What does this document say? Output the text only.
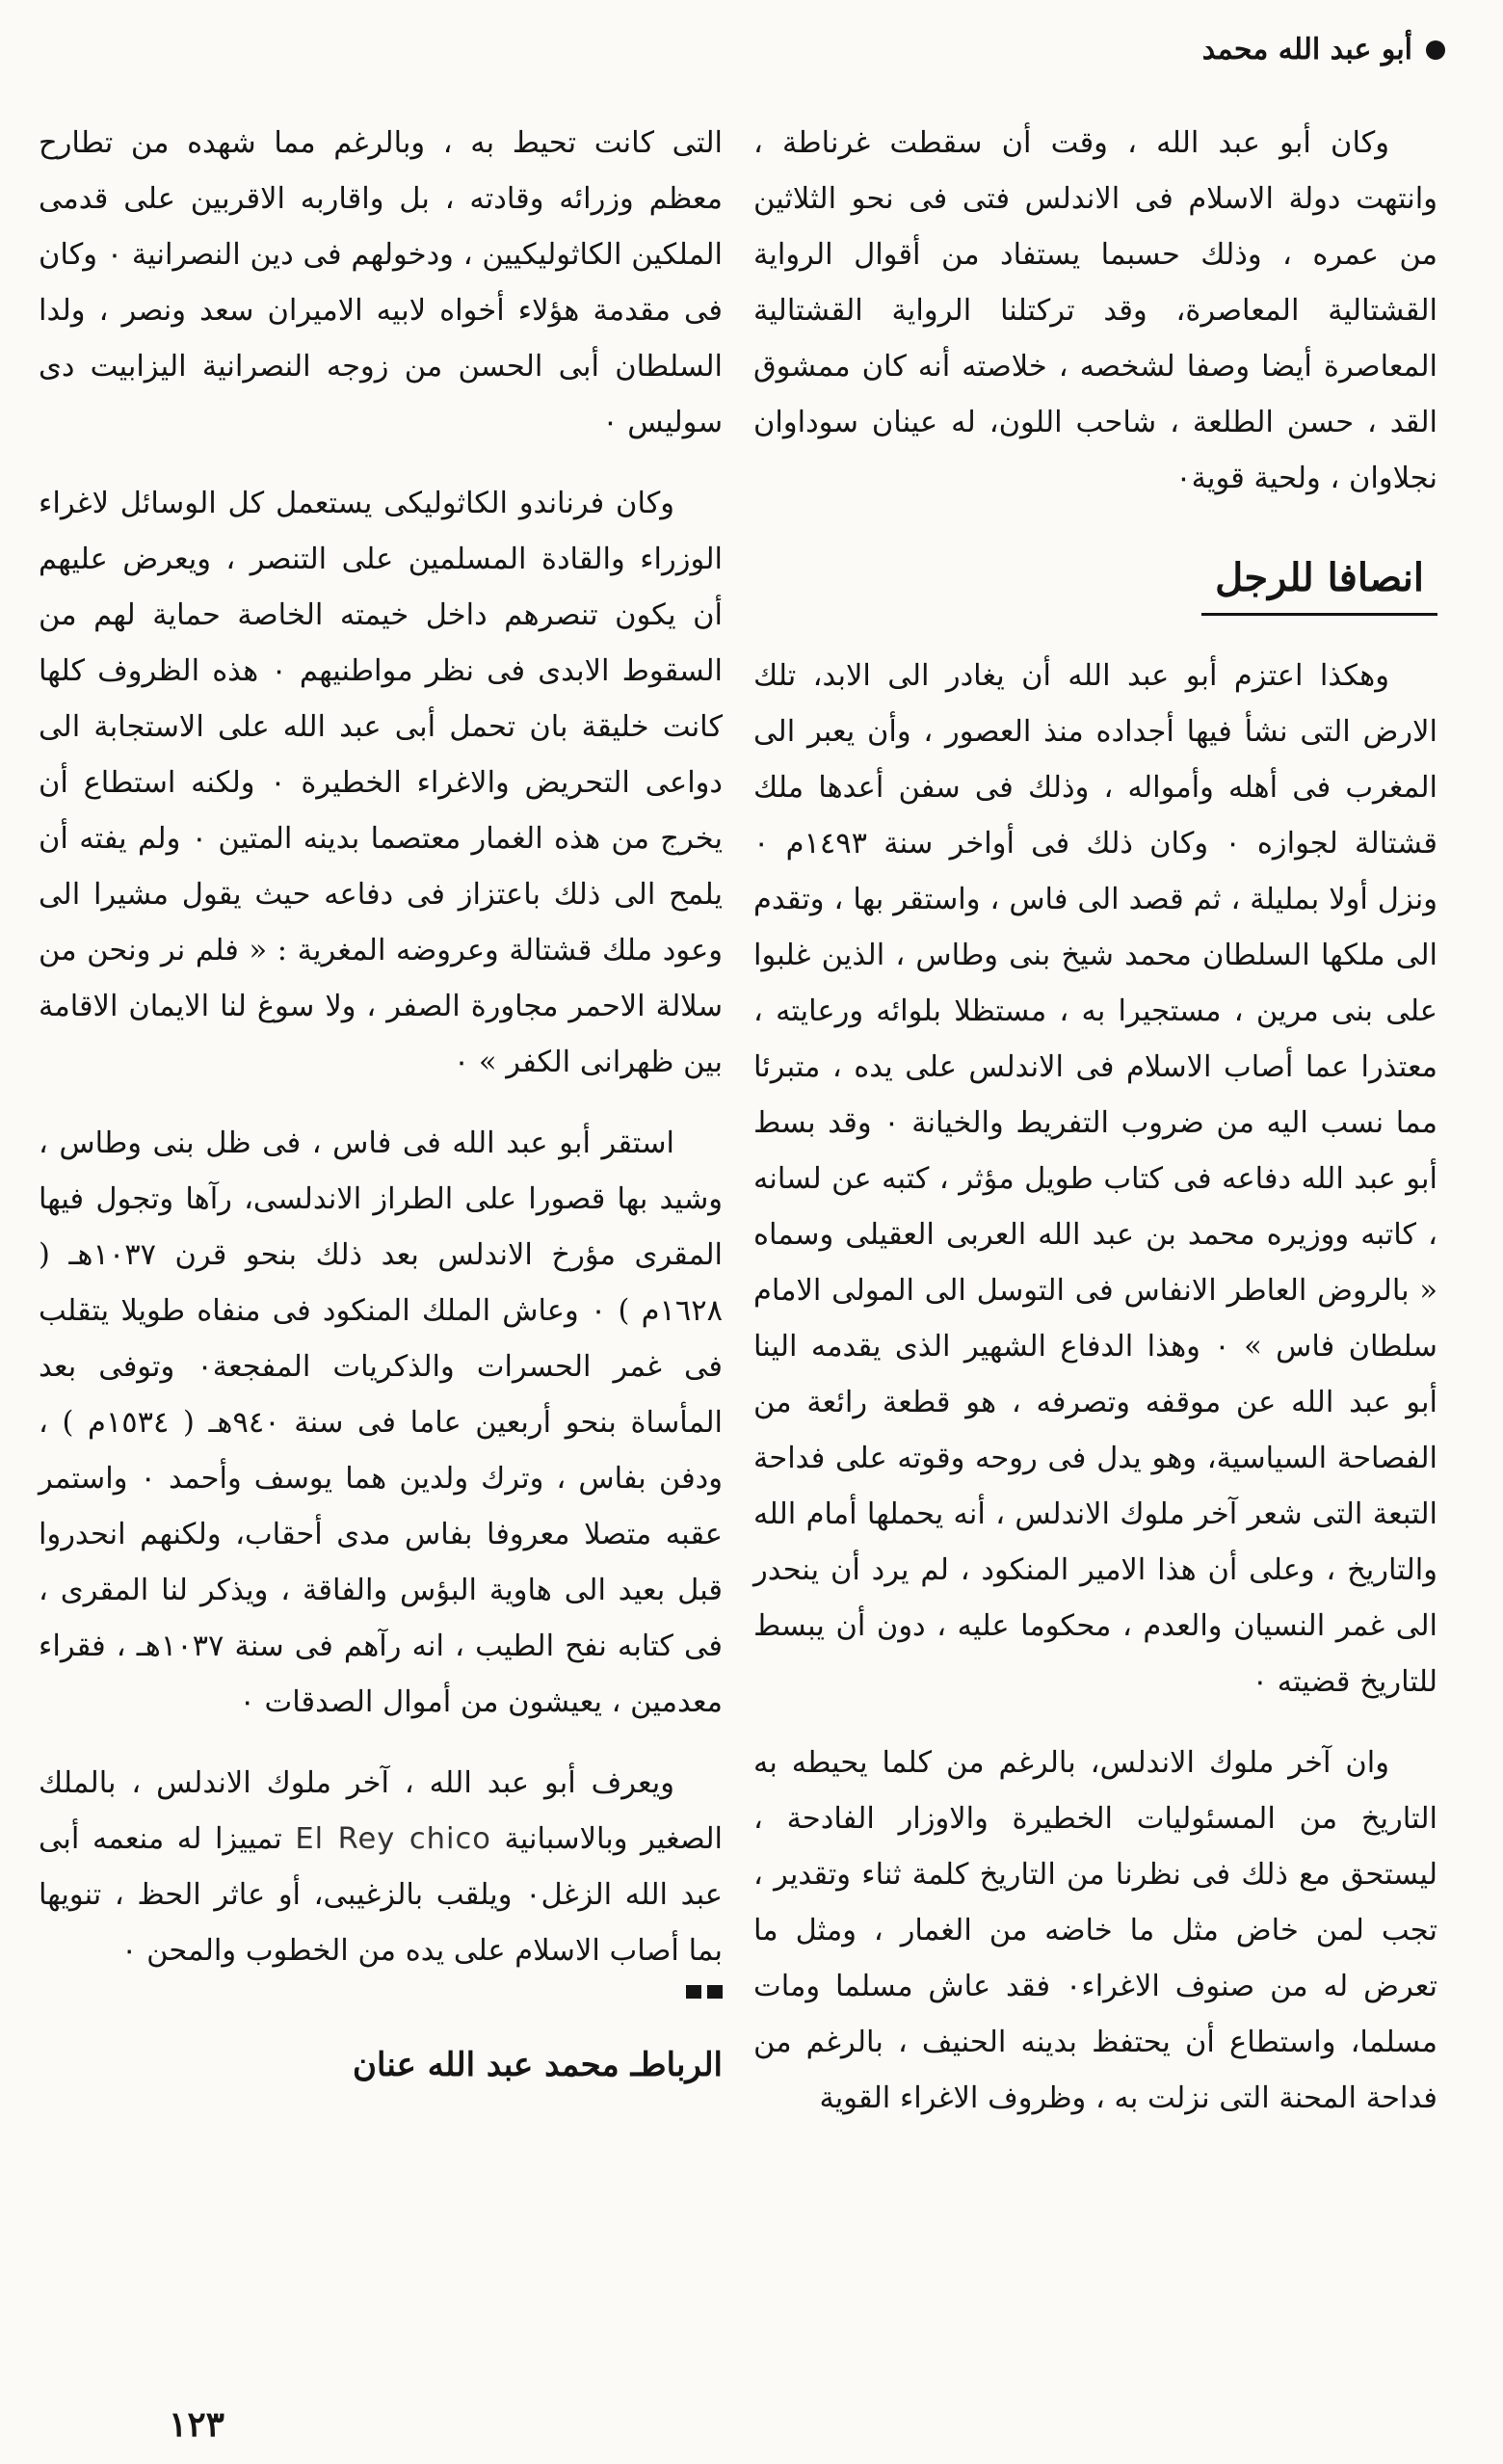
أبو عبد الله محمد

وكان أبو عبد الله ، وقت أن سقطت غرناطة ، وانتهت دولة الاسلام فى الاندلس فتى فى نحو الثلاثين من عمره ، وذلك حسبما يستفاد من أقوال الرواية القشتالية المعاصرة، وقد تركتلنا الرواية القشتالية المعاصرة أيضا وصفا لشخصه ، خلاصته أنه كان ممشوق القد ، حسن الطلعة ، شاحب اللون، له عينان سوداوان نجلاوان ، ولحية قوية٠

انصافا للرجل

وهكذا اعتزم أبو عبد الله أن يغادر الى الابد، تلك الارض التى نشأ فيها أجداده منذ العصور ، وأن يعبر الى المغرب فى أهله وأمواله ، وذلك فى سفن أعدها ملك قشتالة لجوازه ٠ وكان ذلك فى أواخر سنة ١٤٩٣م ٠ ونزل أولا بمليلة ، ثم قصد الى فاس ، واستقر بها ، وتقدم الى ملكها السلطان محمد شيخ بنى وطاس ، الذين غلبوا على بنى مرين ، مستجيرا به ، مستظلا بلوائه ورعايته ، معتذرا عما أصاب الاسلام فى الاندلس على يده ، متبرئا مما نسب اليه من ضروب التفريط والخيانة ٠ وقد بسط أبو عبد الله دفاعه فى كتاب طويل مؤثر ، كتبه عن لسانه ، كاتبه ووزيره محمد بن عبد الله العربى العقيلى وسماه « بالروض العاطر الانفاس فى التوسل الى المولى الامام سلطان فاس » ٠ وهذا الدفاع الشهير الذى يقدمه الينا أبو عبد الله عن موقفه وتصرفه ، هو قطعة رائعة من الفصاحة السياسية، وهو يدل فى روحه وقوته على فداحة التبعة التى شعر آخر ملوك الاندلس ، أنه يحملها أمام الله والتاريخ ، وعلى أن هذا الامير المنكود ، لم يرد أن ينحدر الى غمر النسيان والعدم ، محكوما عليه ، دون أن يبسط للتاريخ قضيته ٠

وان آخر ملوك الاندلس، بالرغم من كلما يحيطه به التاريخ من المسئوليات الخطيرة والاوزار الفادحة ، ليستحق مع ذلك فى نظرنا من التاريخ كلمة ثناء وتقدير ، تجب لمن خاض مثل ما خاضه من الغمار ، ومثل ما تعرض له من صنوف الاغراء٠ فقد عاش مسلما ومات مسلما، واستطاع أن يحتفظ بدينه الحنيف ، بالرغم من فداحة المحنة التى نزلت به ، وظروف الاغراء القوية

التى كانت تحيط به ، وبالرغم مما شهده من تطارح معظم وزرائه وقادته ، بل واقاربه الاقربين على قدمى الملكين الكاثوليكيين ، ودخولهم فى دين النصرانية ٠ وكان فى مقدمة هؤلاء أخواه لابيه الاميران سعد ونصر ، ولدا السلطان أبى الحسن من زوجه النصرانية اليزابيت دى سوليس ٠

وكان فرناندو الكاثوليكى يستعمل كل الوسائل لاغراء الوزراء والقادة المسلمين على التنصر ، ويعرض عليهم أن يكون تنصرهم داخل خيمته الخاصة حماية لهم من السقوط الابدى فى نظر مواطنيهم ٠ هذه الظروف كلها كانت خليقة بان تحمل أبى عبد الله على الاستجابة الى دواعى التحريض والاغراء الخطيرة ٠ ولكنه استطاع أن يخرج من هذه الغمار معتصما بدينه المتين ٠ ولم يفته أن يلمح الى ذلك باعتزاز فى دفاعه حيث يقول مشيرا الى وعود ملك قشتالة وعروضه المغرية : « فلم نر ونحن من سلالة الاحمر مجاورة الصفر ، ولا سوغ لنا الايمان الاقامة بين ظهرانى الكفر » ٠

استقر أبو عبد الله فى فاس ، فى ظل بنى وطاس ، وشيد بها قصورا على الطراز الاندلسى، رآها وتجول فيها المقرى مؤرخ الاندلس بعد ذلك بنحو قرن ١٠٣٧هـ ( ١٦٢٨م ) ٠ وعاش الملك المنكود فى منفاه طويلا يتقلب فى غمر الحسرات والذكريات المفجعة٠ وتوفى بعد المأساة بنحو أربعين عاما فى سنة ٩٤٠هـ ( ١٥٣٤م ) ، ودفن بفاس ، وترك ولدين هما يوسف وأحمد ٠ واستمر عقبه متصلا معروفا بفاس مدى أحقاب، ولكنهم انحدروا قبل بعيد الى هاوية البؤس والفاقة ، ويذكر لنا المقرى ، فى كتابه نفح الطيب ، انه رآهم فى سنة ١٠٣٧هـ ، فقراء معدمين ، يعيشون من أموال الصدقات ٠

ويعرف أبو عبد الله ، آخر ملوك الاندلس ، بالملك الصغير وبالاسبانية El Rey chico تمييزا له منعمه أبى عبد الله الزغل٠ ويلقب بالزغيبى، أو عاثر الحظ ، تنويها بما أصاب الاسلام على يده من الخطوب والمحن ٠

الرباطـ محمد عبد الله عنان
١٢٣
